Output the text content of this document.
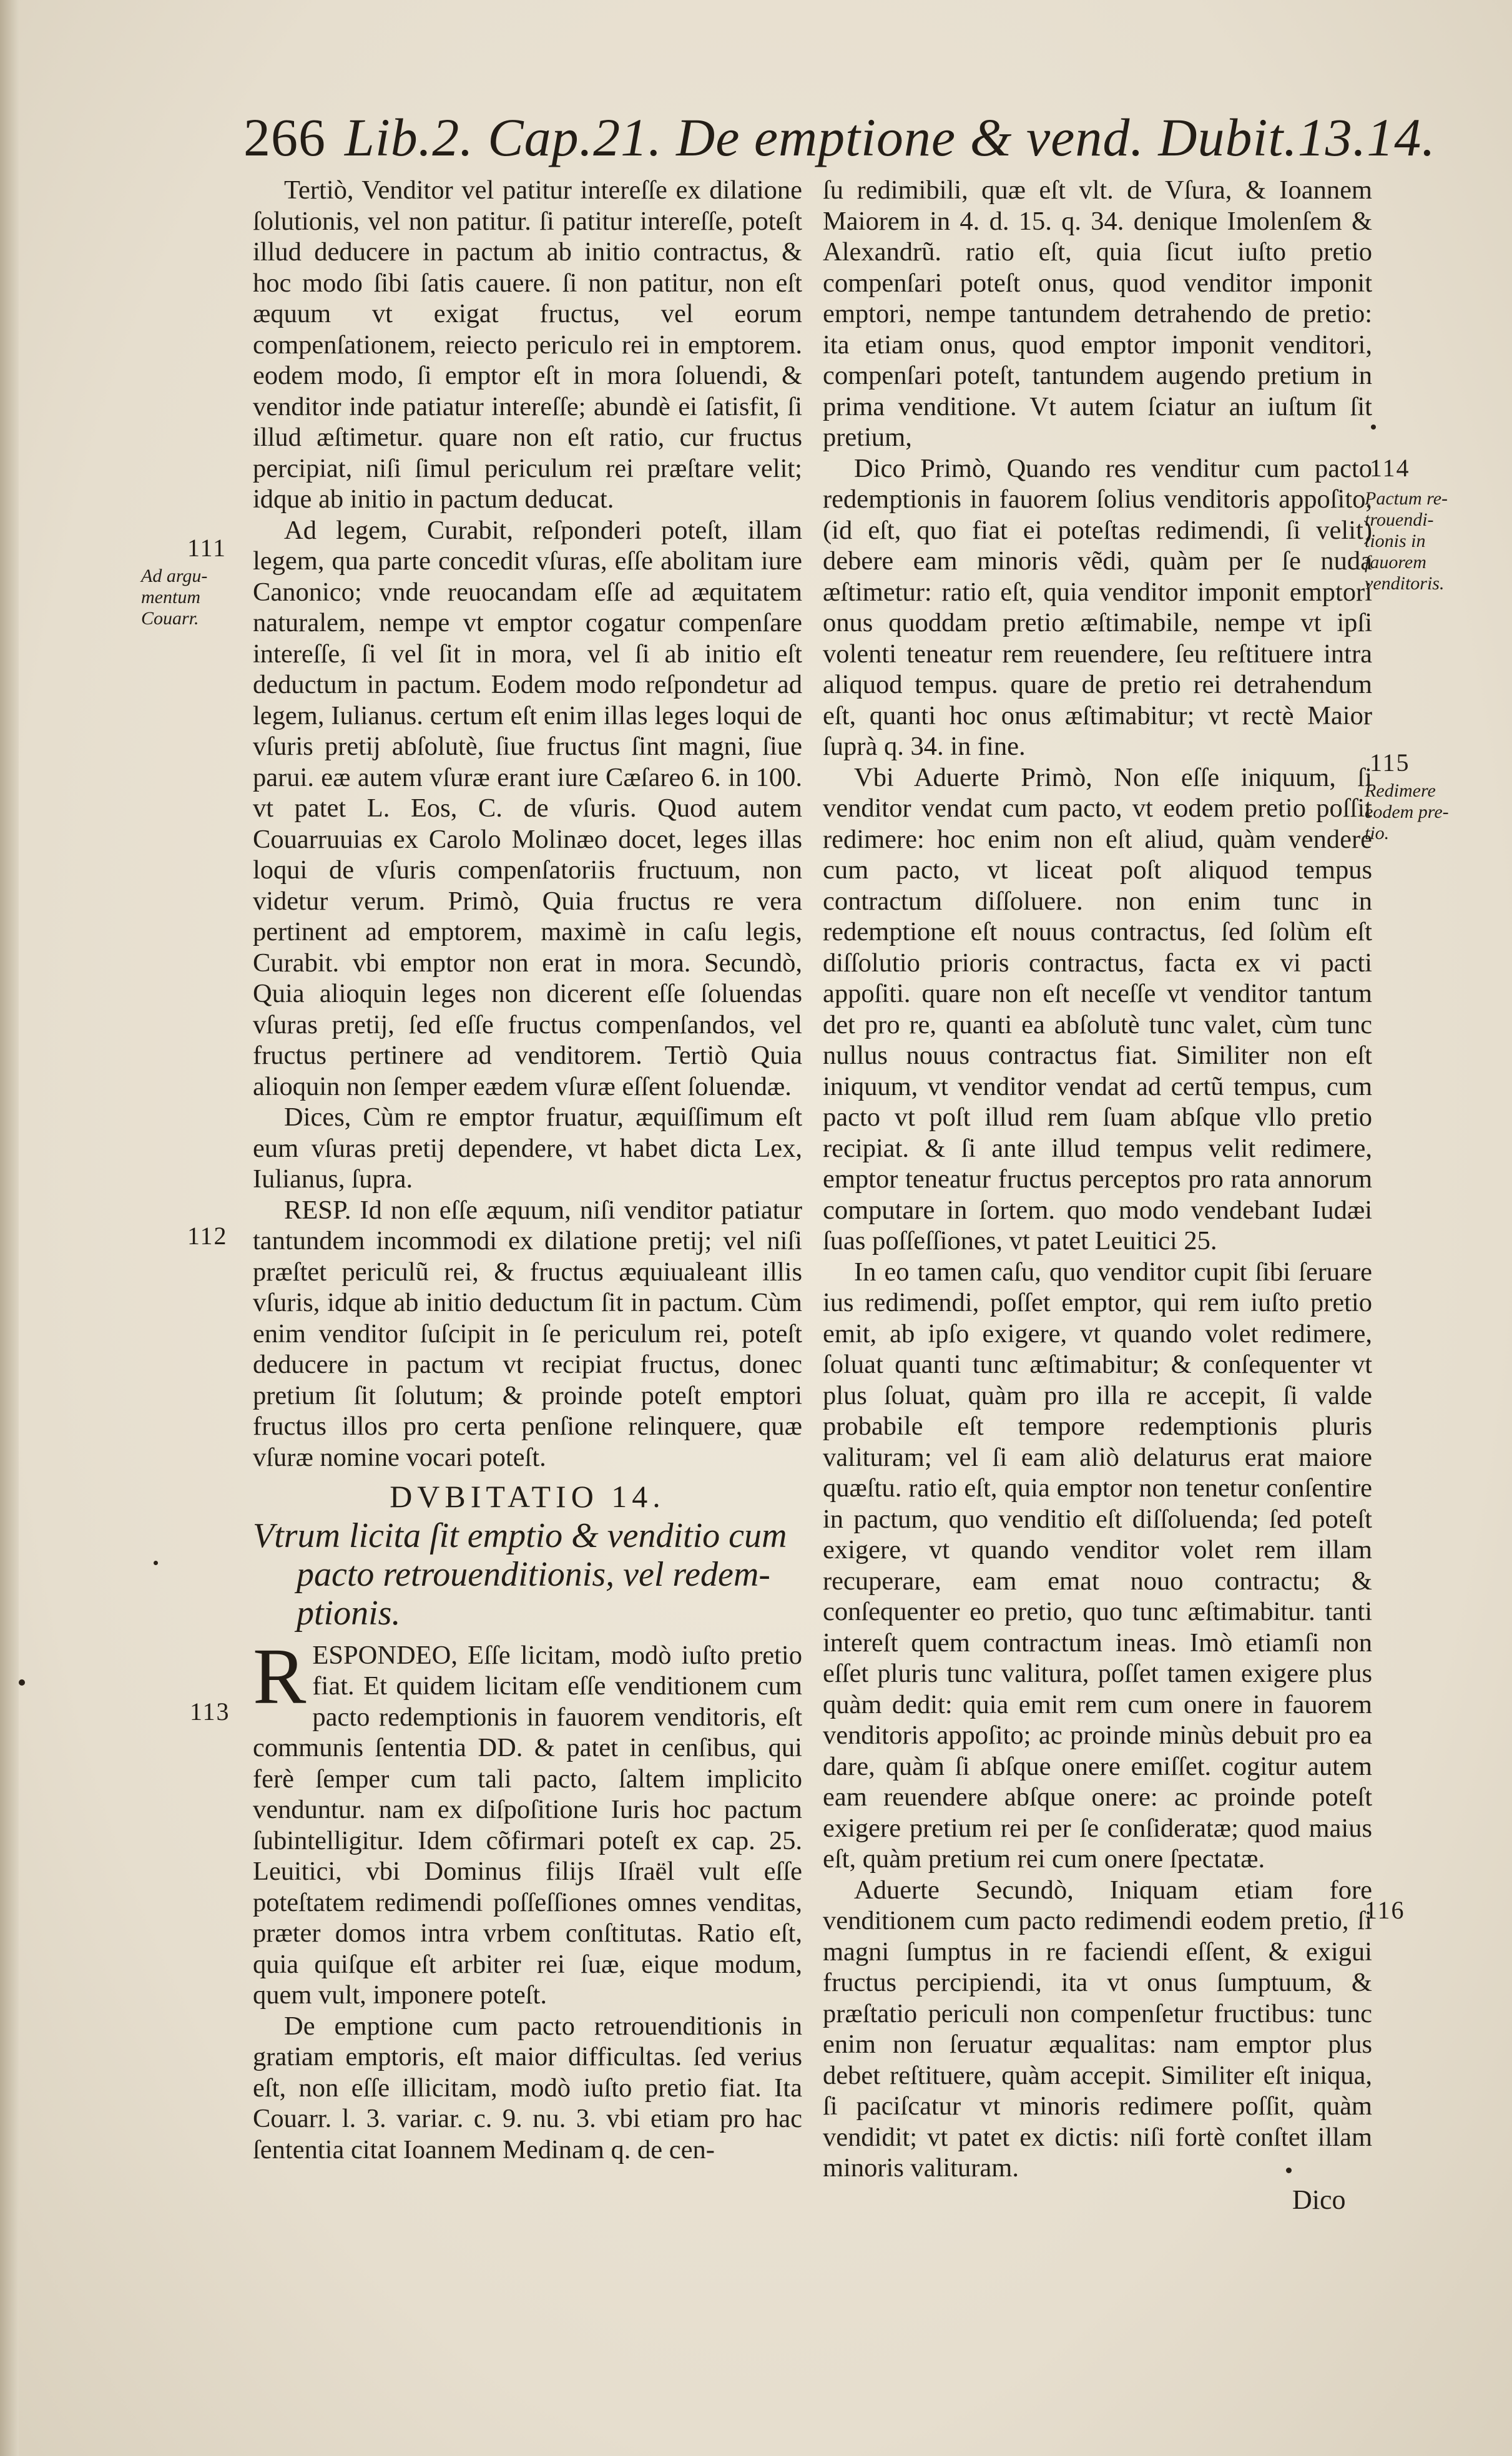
266 Lib.2. Cap.21. De emptione & vend. Dubit.13.14.

Tertiò, Venditor vel patitur intereſſe ex dilatione ſolutionis, vel non patitur. ſi patitur intereſſe, poteſt illud deducere in pactum ab initio contractus, & hoc modo ſibi ſatis cauere. ſi non patitur, non eſt æquum vt exigat fructus, vel eorum compenſationem, reiecto periculo rei in emptorem. eodem modo, ſi emptor eſt in mora ſoluendi, & venditor inde patiatur intereſſe; abundè ei ſatisfit, ſi illud æſtimetur. quare non eſt ratio, cur fructus percipiat, niſi ſimul periculum rei præſtare velit; idque ab initio in pactum deducat.

Ad legem, Curabit, reſponderi poteſt, illam legem, qua parte concedit vſuras, eſſe abolitam iure Canonico; vnde reuocandam eſſe ad æquitatem naturalem, nempe vt emptor cogatur compenſare intereſſe, ſi vel ſit in mora, vel ſi ab initio eſt deductum in pactum. Eodem modo reſpondetur ad legem, Iulianus. certum eſt enim illas leges loqui de vſuris pretij abſolutè, ſiue fructus ſint magni, ſiue parui. eæ autem vſuræ erant iure Cæſareo 6. in 100. vt patet L. Eos, C. de vſuris. Quod autem Couarruuias ex Carolo Molinæo docet, leges illas loqui de vſuris compenſatoriis fructuum, non videtur verum. Primò, Quia fructus re vera pertinent ad emptorem, maximè in caſu legis, Curabit. vbi emptor non erat in mora. Secundò, Quia alioquin leges non dicerent eſſe ſoluendas vſuras pretij, ſed eſſe fructus compenſandos, vel fructus pertinere ad venditorem. Tertiò Quia alioquin non ſemper eædem vſuræ eſſent ſoluendæ.

Dices, Cùm re emptor fruatur, æquiſſimum eſt eum vſuras pretij dependere, vt habet dicta Lex, Iulianus, ſupra.

RESP. Id non eſſe æquum, niſi venditor patiatur tantundem incommodi ex dilatione pretij; vel niſi præſtet periculũ rei, & fructus æquiualeant illis vſuris, idque ab initio deductum ſit in pactum. Cùm enim venditor ſuſcipit in ſe periculum rei, poteſt deducere in pactum vt recipiat fructus, donec pretium ſit ſolutum; & proinde poteſt emptori fructus illos pro certa penſione relinquere, quæ vſuræ nomine vocari poteſt.

DVBITATIO 14.
Vtrum licita ſit emptio & venditio cum
pacto retrouenditionis, vel redem-
ptionis.

RESPONDEO, Eſſe licitam, modò iuſto pretio fiat. Et quidem licitam eſſe venditionem cum pacto redemptionis in fauorem venditoris, eſt communis ſententia DD. & patet in cenſibus, qui ferè ſemper cum tali pacto, ſaltem implicito venduntur. nam ex diſpoſitione Iuris hoc pactum ſubintelligitur. Idem cõfirmari poteſt ex cap. 25. Leuitici, vbi Dominus filijs Iſraël vult eſſe poteſtatem redimendi poſſeſſiones omnes venditas, præter domos intra vrbem conſtitutas. Ratio eſt, quia quiſque eſt arbiter rei ſuæ, eique modum, quem vult, imponere poteſt.

De emptione cum pacto retrouenditionis in gratiam emptoris, eſt maior difficultas. ſed verius eſt, non eſſe illicitam, modò iuſto pretio fiat. Ita Couarr. l. 3. variar. c. 9. nu. 3. vbi etiam pro hac ſententia citat Ioannem Medinam q. de cen-

ſu redimibili, quæ eſt vlt. de Vſura, & Ioannem Maiorem in 4. d. 15. q. 34. denique Imolenſem & Alexandrũ. ratio eſt, quia ſicut iuſto pretio compenſari poteſt onus, quod venditor imponit emptori, nempe tantundem detrahendo de pretio: ita etiam onus, quod emptor imponit venditori, compenſari poteſt, tantundem augendo pretium in prima venditione. Vt autem ſciatur an iuſtum ſit pretium,

Dico Primò, Quando res venditur cum pacto redemptionis in fauorem ſolius venditoris appoſito, (id eſt, quo fiat ei poteſtas redimendi, ſi velit) debere eam minoris vẽdi, quàm per ſe nuda æſtimetur: ratio eſt, quia venditor imponit emptori onus quoddam pretio æſtimabile, nempe vt ipſi volenti teneatur rem reuendere, ſeu reſtituere intra aliquod tempus. quare de pretio rei detrahendum eſt, quanti hoc onus æſtimabitur; vt rectè Maior ſuprà q. 34. in fine.

Vbi Aduerte Primò, Non eſſe iniquum, ſi venditor vendat cum pacto, vt eodem pretio poſſit redimere: hoc enim non eſt aliud, quàm vendere cum pacto, vt liceat poſt aliquod tempus contractum diſſoluere. non enim tunc in redemptione eſt nouus contractus, ſed ſolùm eſt diſſolutio prioris contractus, facta ex vi pacti appoſiti. quare non eſt neceſſe vt venditor tantum det pro re, quanti ea abſolutè tunc valet, cùm tunc nullus nouus contractus fiat. Similiter non eſt iniquum, vt venditor vendat ad certũ tempus, cum pacto vt poſt illud rem ſuam abſque vllo pretio recipiat. & ſi ante illud tempus velit redimere, emptor teneatur fructus perceptos pro rata annorum computare in ſortem. quo modo vendebant Iudæi ſuas poſſeſſiones, vt patet Leuitici 25.

In eo tamen caſu, quo venditor cupit ſibi ſeruare ius redimendi, poſſet emptor, qui rem iuſto pretio emit, ab ipſo exigere, vt quando volet redimere, ſoluat quanti tunc æſtimabitur; & conſequenter vt plus ſoluat, quàm pro illa re accepit, ſi valde probabile eſt tempore redemptionis pluris valituram; vel ſi eam aliò delaturus erat maiore quæſtu. ratio eſt, quia emptor non tenetur conſentire in pactum, quo venditio eſt diſſoluenda; ſed poteſt exigere, vt quando venditor volet rem illam recuperare, eam emat nouo contractu; & conſequenter eo pretio, quo tunc æſtimabitur. tanti intereſt quem contractum ineas. Imò etiamſi non eſſet pluris tunc valitura, poſſet tamen exigere plus quàm dedit: quia emit rem cum onere in fauorem venditoris appoſito; ac proinde minùs debuit pro ea dare, quàm ſi abſque onere emiſſet. cogitur autem eam reuendere abſque onere: ac proinde poteſt exigere pretium rei per ſe conſideratæ; quod maius eſt, quàm pretium rei cum onere ſpectatæ.

Aduerte Secundò, Iniquam etiam fore venditionem cum pacto redimendi eodem pretio, ſi magni ſumptus in re faciendi eſſent, & exigui fructus percipiendi, ita vt onus ſumptuum, & præſtatio periculi non compenſetur fructibus: tunc enim non ſeruatur æqualitas: nam emptor plus debet reſtituere, quàm accepit. Similiter eſt iniqua, ſi paciſcatur vt minoris redimere poſſit, quàm vendidit; vt patet ex dictis: niſi fortè conſtet illam minoris valituram.

111
Ad argu-
mentum
Couarr.
112
113
114
Pactum re-
trouendi-
tionis in
fauorem
venditoris.
115
Redimere
eodem pre-
tio.
116
Dico
